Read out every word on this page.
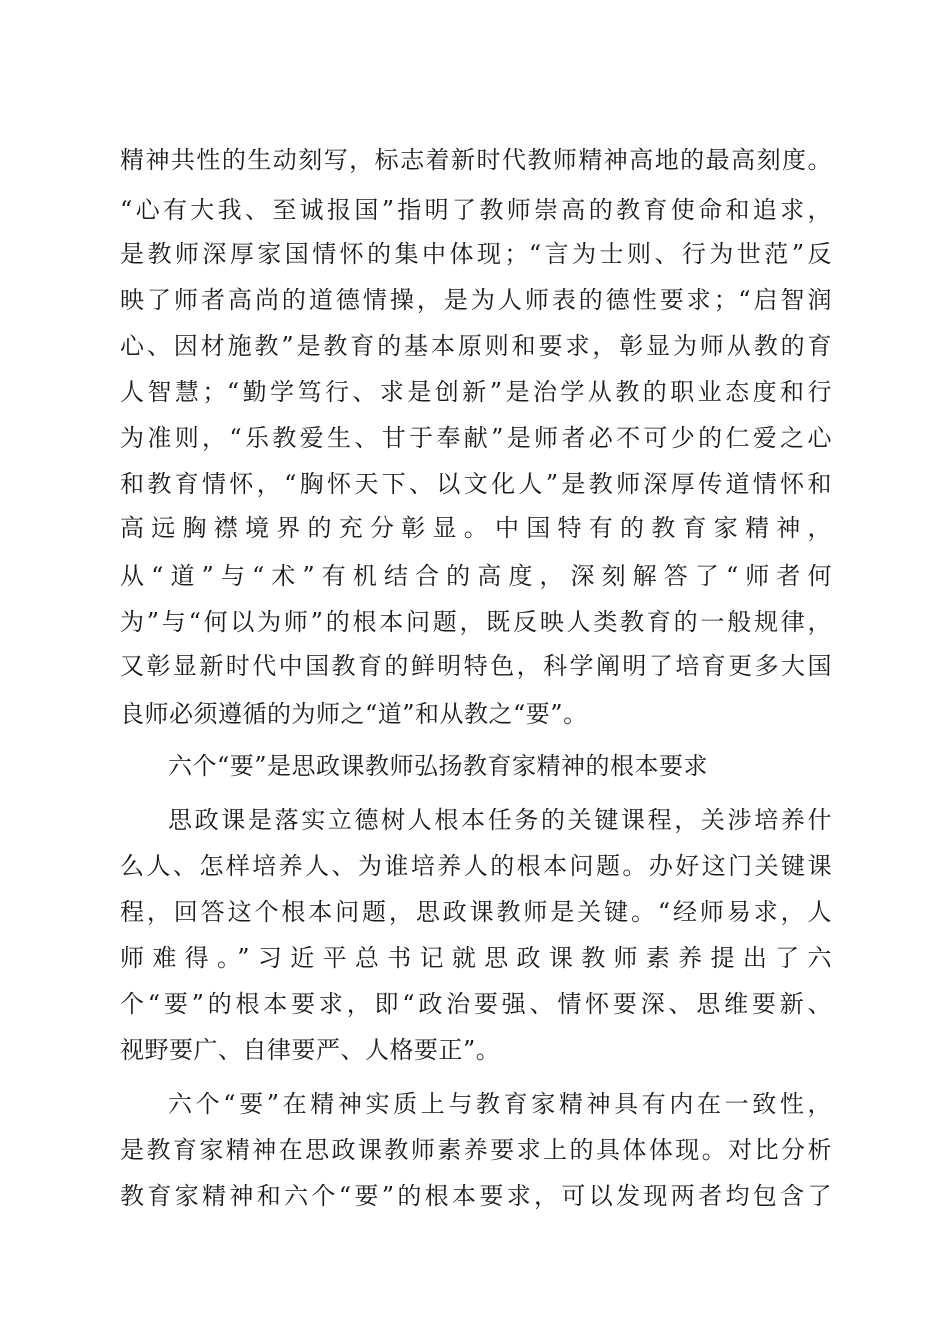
精神共性的生动刻写，标志着新时代教师精神高地的最高刻度。
“心有大我、至诚报国”指明了教师崇高的教育使命和追求，
是教师深厚家国情怀的集中体现；“言为士则、行为世范”反
映了师者高尚的道德情操，是为人师表的德性要求；“启智润
心、因材施教”是教育的基本原则和要求，彰显为师从教的育
人智慧；“勤学笃行、求是创新”是治学从教的职业态度和行
为准则，“乐教爱生、甘于奉献”是师者必不可少的仁爱之心
和教育情怀，“胸怀天下、以文化人”是教师深厚传道情怀和
高远胸襟境界的充分彰显。中国特有的教育家精神，
从“道”与“术”有机结合的高度，深刻解答了“师者何
为”与“何以为师”的根本问题，既反映人类教育的一般规律，
又彰显新时代中国教育的鲜明特色，科学阐明了培育更多大国
良师必须遵循的为师之“道”和从教之“要”。
六个“要”是思政课教师弘扬教育家精神的根本要求
思政课是落实立德树人根本任务的关键课程，关涉培养什
么人、怎样培养人、为谁培养人的根本问题。办好这门关键课
程，回答这个根本问题，思政课教师是关键。“经师易求，人
师难得。”习近平总书记就思政课教师素养提出了六
个“要”的根本要求，即“政治要强、情怀要深、思维要新、
视野要广、自律要严、人格要正”。
六个“要”在精神实质上与教育家精神具有内在一致性，
是教育家精神在思政课教师素养要求上的具体体现。对比分析
教育家精神和六个“要”的根本要求，可以发现两者均包含了
